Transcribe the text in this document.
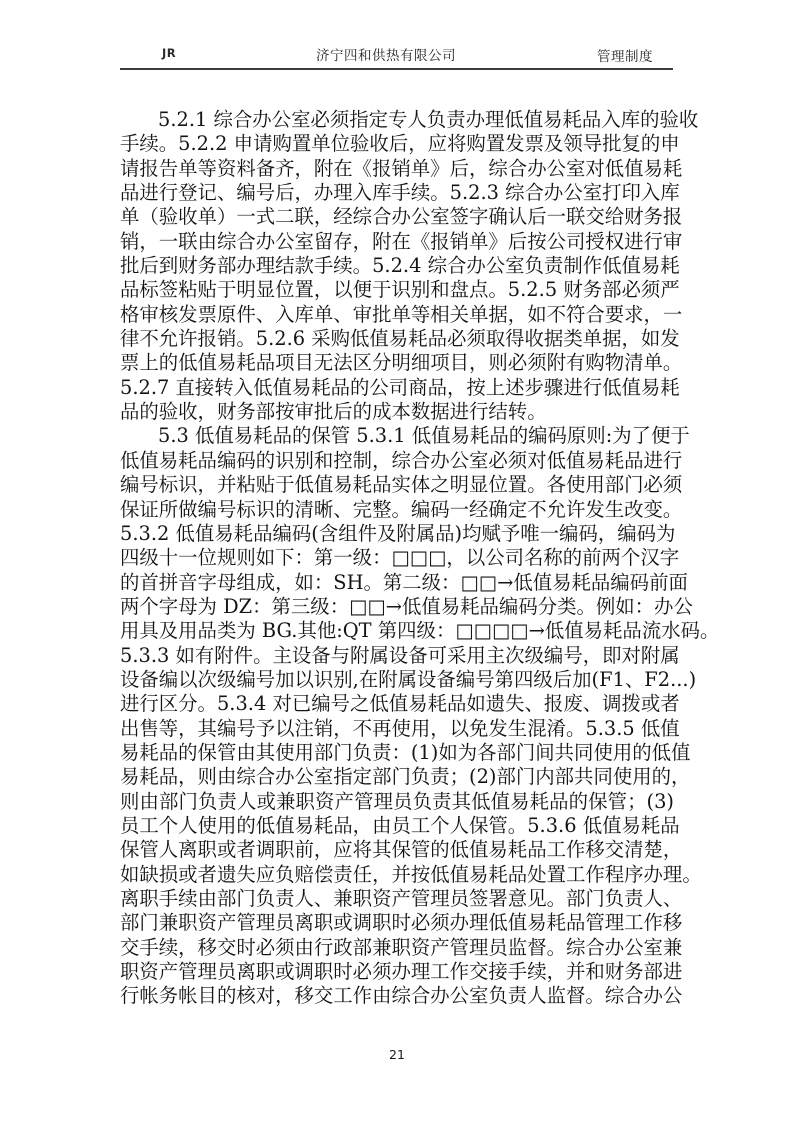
JR	济宁四和供热有限公司	管理制度
5.2.1 综合办公室必须指定专人负责办理低值易耗品入库的验收
手续。5.2.2 申请购置单位验收后，应将购置发票及领导批复的申
请报告单等资料备齐，附在《报销单》后，综合办公室对低值易耗
品进行登记、编号后，办理入库手续。5.2.3 综合办公室打印入库
单（验收单）一式二联，经综合办公室签字确认后一联交给财务报
销，一联由综合办公室留存，附在《报销单》后按公司授权进行审
批后到财务部办理结款手续。5.2.4 综合办公室负责制作低值易耗
品标签粘贴于明显位置，以便于识别和盘点。5.2.5 财务部必须严
格审核发票原件、入库单、审批单等相关单据，如不符合要求，一
律不允许报销。5.2.6 采购低值易耗品必须取得收据类单据，如发
票上的低值易耗品项目无法区分明细项目，则必须附有购物清单。
5.2.7 直接转入低值易耗品的公司商品，按上述步骤进行低值易耗
品的验收，财务部按审批后的成本数据进行结转。
5.3 低值易耗品的保管 5.3.1 低值易耗品的编码原则:为了便于
低值易耗品编码的识别和控制，综合办公室必须对低值易耗品进行
编号标识，并粘贴于低值易耗品实体之明显位置。各使用部门必须
保证所做编号标识的清晰、完整。编码一经确定不允许发生改变。
5.3.2 低值易耗品编码(含组件及附属品)均赋予唯一编码，编码为
四级十一位规则如下：第一级：□□□，以公司名称的前两个汉字
的首拼音字母组成，如：SH。第二级：□□→低值易耗品编码前面
两个字母为 DZ：第三级：□□→低值易耗品编码分类。例如：办公
用具及用品类为 BG.其他:QT 第四级：□□□□→低值易耗品流水码。
5.3.3 如有附件。主设备与附属设备可采用主次级编号，即对附属
设备编以次级编号加以识别,在附属设备编号第四级后加(F1、F2...)
进行区分。5.3.4 对已编号之低值易耗品如遗失、报废、调拨或者
出售等，其编号予以注销，不再使用，以免发生混淆。5.3.5 低值
易耗品的保管由其使用部门负责：(1)如为各部门间共同使用的低值
易耗品，则由综合办公室指定部门负责；(2)部门内部共同使用的，
则由部门负责人或兼职资产管理员负责其低值易耗品的保管；(3)
员工个人使用的低值易耗品，由员工个人保管。5.3.6 低值易耗品
保管人离职或者调职前，应将其保管的低值易耗品工作移交清楚，
如缺损或者遗失应负赔偿责任，并按低值易耗品处置工作程序办理。
离职手续由部门负责人、兼职资产管理员签署意见。部门负责人、
部门兼职资产管理员离职或调职时必须办理低值易耗品管理工作移
交手续，移交时必须由行政部兼职资产管理员监督。综合办公室兼
职资产管理员离职或调职时必须办理工作交接手续，并和财务部进
行帐务帐目的核对，移交工作由综合办公室负责人监督。综合办公
21
